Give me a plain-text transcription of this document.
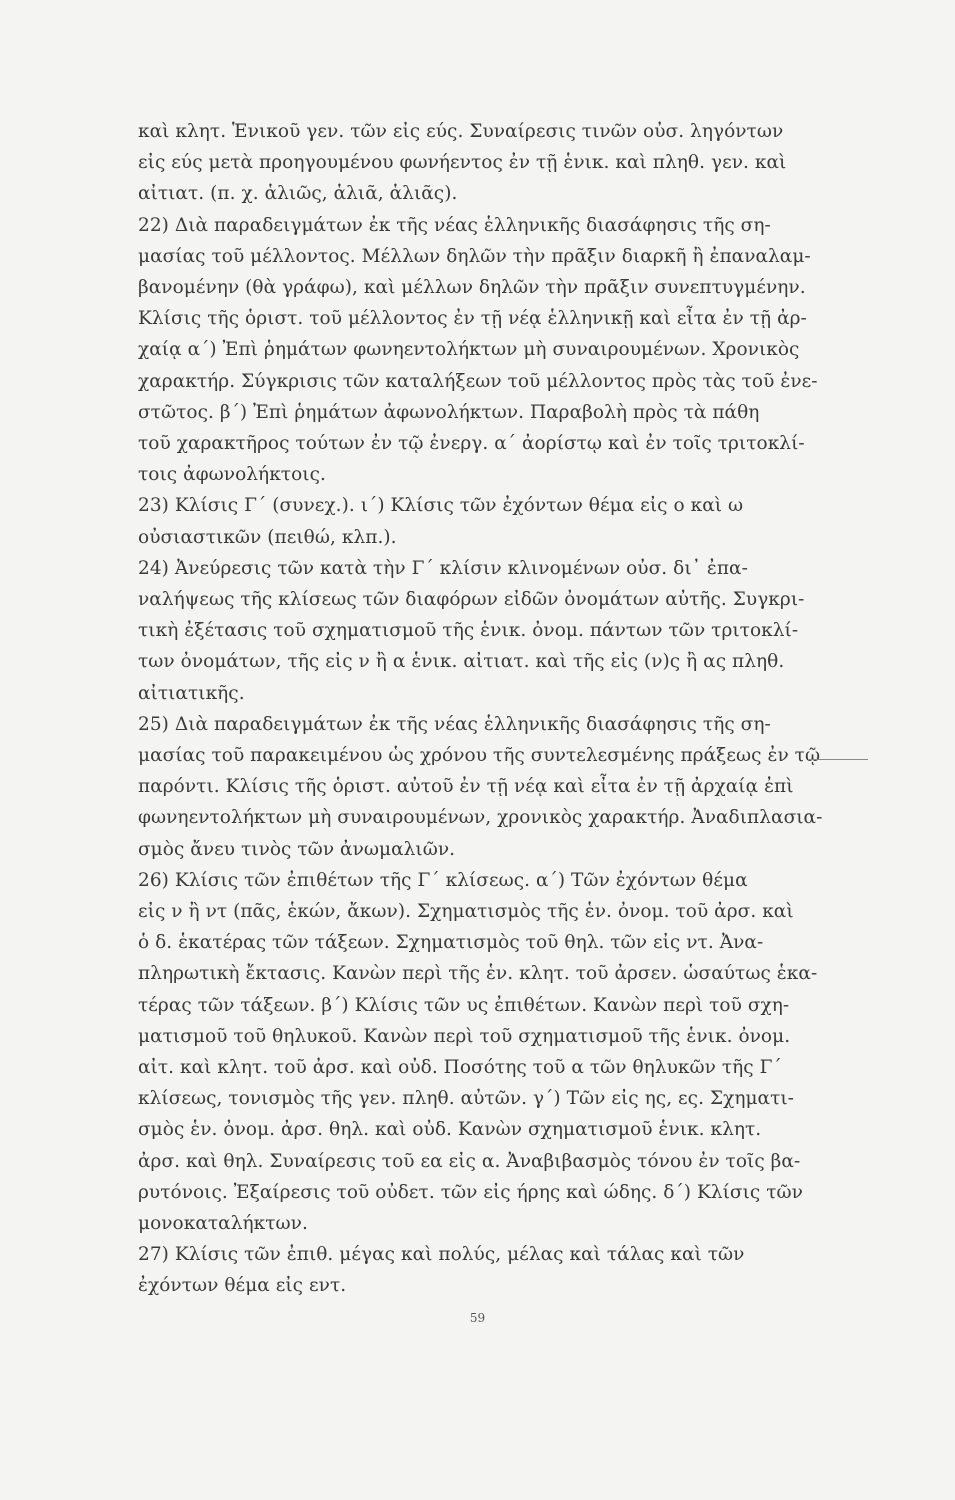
καὶ κλητ. Ἑνικοῦ γεν. τῶν εἰς εύς. Συναίρεσις τινῶν οὐσ. ληγόντων
εἰς εύς μετὰ προηγουμένου φωνήεντος ἐν τῇ ἑνικ. καὶ πληθ. γεν. καὶ
αἰτιατ. (π. χ. ἁλιῶς, ἁλιᾶ, ἁλιᾶς).
22) Διὰ παραδειγμάτων ἐκ τῆς νέας ἑλληνικῆς διασάφησις τῆς ση-
μασίας τοῦ μέλλοντος. Μέλλων δηλῶν τὴν πρᾶξιν διαρκῆ ἢ ἐπαναλαμ-
βανομένην (θὰ γράφω), καὶ μέλλων δηλῶν τὴν πρᾶξιν συνεπτυγμένην.
Κλίσις τῆς ὁριστ. τοῦ μέλλοντος ἐν τῇ νέᾳ ἑλληνικῇ καὶ εἶτα ἐν τῇ ἀρ-
χαίᾳ α΄) Ἐπὶ ῥημάτων φωνηεντολήκτων μὴ συναιρουμένων. Χρονικὸς
χαρακτήρ. Σύγκρισις τῶν καταλήξεων τοῦ μέλλοντος πρὸς τὰς τοῦ ἐνε-
στῶτος. β΄) Ἐπὶ ῥημάτων ἀφωνολήκτων. Παραβολὴ πρὸς τὰ πάθη
τοῦ χαρακτῆρος τούτων ἐν τῷ ἐνεργ. α΄ ἀορίστῳ καὶ ἐν τοῖς τριτοκλί-
τοις ἀφωνολήκτοις.
23) Κλίσις Γ΄ (συνεχ.). ι΄) Κλίσις τῶν ἐχόντων θέμα εἰς ο καὶ ω
οὐσιαστικῶν (πειθώ, κλπ.).
24) Ἀνεύρεσις τῶν κατὰ τὴν Γ΄ κλίσιν κλινομένων οὐσ. δι᾽ ἐπα-
ναλήψεως τῆς κλίσεως τῶν διαφόρων εἰδῶν ὀνομάτων αὐτῆς. Συγκρι-
τικὴ ἐξέτασις τοῦ σχηματισμοῦ τῆς ἑνικ. ὀνομ. πάντων τῶν τριτοκλί-
των ὀνομάτων, τῆς εἰς ν ἢ α ἑνικ. αἰτιατ. καὶ τῆς εἰς (ν)ς ἢ ας πληθ.
αἰτιατικῆς.
25) Διὰ παραδειγμάτων ἐκ τῆς νέας ἑλληνικῆς διασάφησις τῆς ση-
μασίας τοῦ παρακειμένου ὡς χρόνου τῆς συντελεσμένης πράξεως ἐν τῷ
παρόντι. Κλίσις τῆς ὁριστ. αὐτοῦ ἐν τῇ νέᾳ καὶ εἶτα ἐν τῇ ἀρχαίᾳ ἐπὶ
φωνηεντολήκτων μὴ συναιρουμένων, χρονικὸς χαρακτήρ. Ἀναδιπλασια-
σμὸς ἄνευ τινὸς τῶν ἀνωμαλιῶν.
26) Κλίσις τῶν ἐπιθέτων τῆς Γ΄ κλίσεως. α΄) Τῶν ἐχόντων θέμα
εἰς ν ἢ ντ (πᾶς, ἑκών, ἄκων). Σχηματισμὸς τῆς ἑν. ὀνομ. τοῦ ἀρσ. καὶ
ὁ δ. ἑκατέρας τῶν τάξεων. Σχηματισμὸς τοῦ θηλ. τῶν εἰς ντ. Ἀνα-
πληρωτικὴ ἔκτασις. Κανὼν περὶ τῆς ἑν. κλητ. τοῦ ἀρσεν. ὡσαύτως ἑκα-
τέρας τῶν τάξεων. β΄) Κλίσις τῶν υς ἐπιθέτων. Κανὼν περὶ τοῦ σχη-
ματισμοῦ τοῦ θηλυκοῦ. Κανὼν περὶ τοῦ σχηματισμοῦ τῆς ἑνικ. ὀνομ.
αἰτ. καὶ κλητ. τοῦ ἀρσ. καὶ οὐδ. Ποσότης τοῦ α τῶν θηλυκῶν τῆς Γ΄
κλίσεως, τονισμὸς τῆς γεν. πληθ. αὐτῶν. γ΄) Τῶν εἰς ης, ες. Σχηματι-
σμὸς ἑν. ὀνομ. ἀρσ. θηλ. καὶ οὐδ. Κανὼν σχηματισμοῦ ἑνικ. κλητ.
ἀρσ. καὶ θηλ. Συναίρεσις τοῦ εα εἰς α. Ἀναβιβασμὸς τόνου ἐν τοῖς βα-
ρυτόνοις. Ἐξαίρεσις τοῦ οὐδετ. τῶν εἰς ήρης καὶ ώδης. δ΄) Κλίσις τῶν
μονοκαταλήκτων.
27) Κλίσις τῶν ἐπιθ. μέγας καὶ πολύς, μέλας καὶ τάλας καὶ τῶν
ἐχόντων θέμα εἰς εντ.
59
